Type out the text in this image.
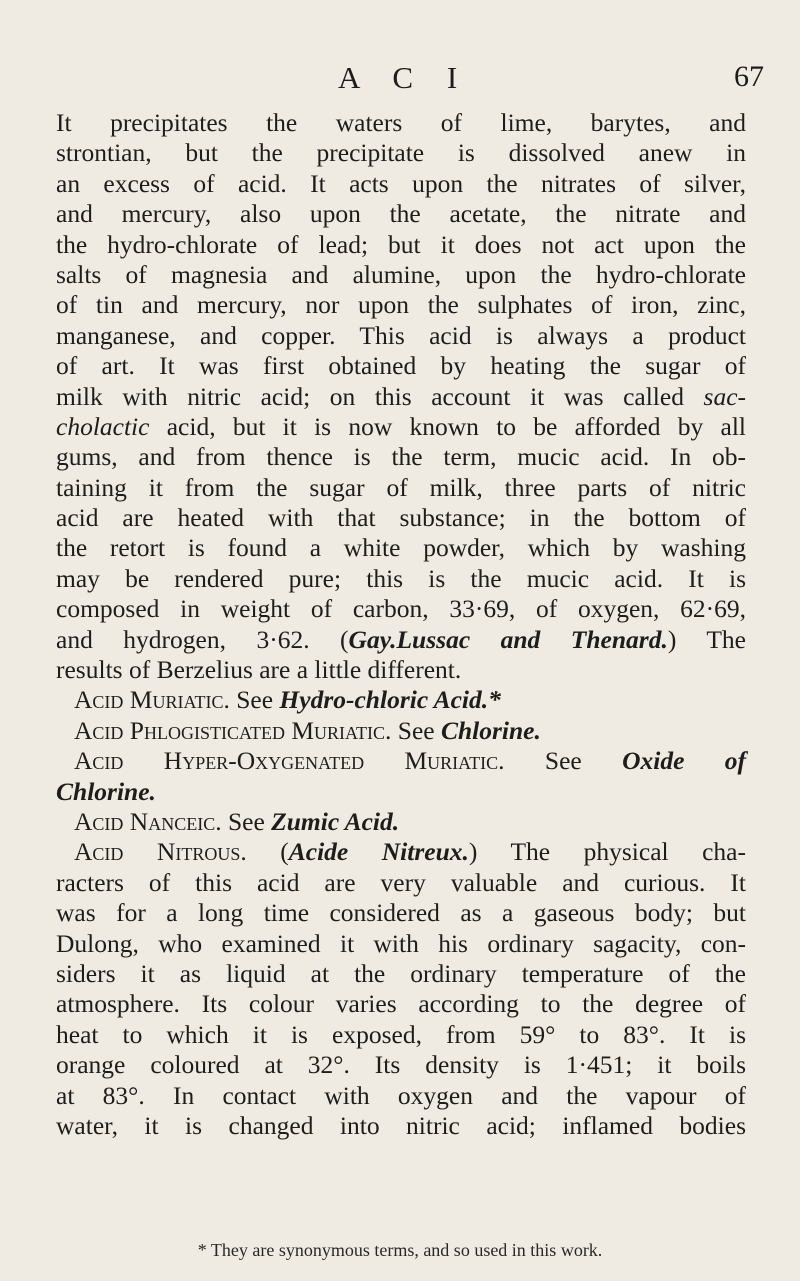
A C I	67
It precipitates the waters of lime, barytes, and
strontian, but the precipitate is dissolved anew in
an excess of acid. It acts upon the nitrates of silver,
and mercury, also upon the acetate, the nitrate and
the hydro-chlorate of lead; but it does not act upon the
salts of magnesia and alumine, upon the hydro-chlorate
of tin and mercury, nor upon the sulphates of iron, zinc,
manganese, and copper. This acid is always a product
of art. It was first obtained by heating the sugar of
milk with nitric acid; on this account it was called sac-
cholactic acid, but it is now known to be afforded by all
gums, and from thence is the term, mucic acid. In ob-
taining it from the sugar of milk, three parts of nitric
acid are heated with that substance; in the bottom of
the retort is found a white powder, which by washing
may be rendered pure; this is the mucic acid. It is
composed in weight of carbon, 33·69, of oxygen, 62·69,
and hydrogen, 3·62. (Gay.Lussac and Thenard.) The
results of Berzelius are a little different.
Acid Muriatic. See Hydro-chloric Acid.*
Acid Phlogisticated Muriatic. See Chlorine.
Acid Hyper-Oxygenated Muriatic. See Oxide of
Chlorine.
Acid Nanceic. See Zumic Acid.
Acid Nitrous. (Acide Nitreux.) The physical cha-
racters of this acid are very valuable and curious. It
was for a long time considered as a gaseous body; but
Dulong, who examined it with his ordinary sagacity, con-
siders it as liquid at the ordinary temperature of the
atmosphere. Its colour varies according to the degree of
heat to which it is exposed, from 59° to 83°. It is
orange coloured at 32°. Its density is 1·451; it boils
at 83°. In contact with oxygen and the vapour of
water, it is changed into nitric acid; inflamed bodies
* They are synonymous terms, and so used in this work.
